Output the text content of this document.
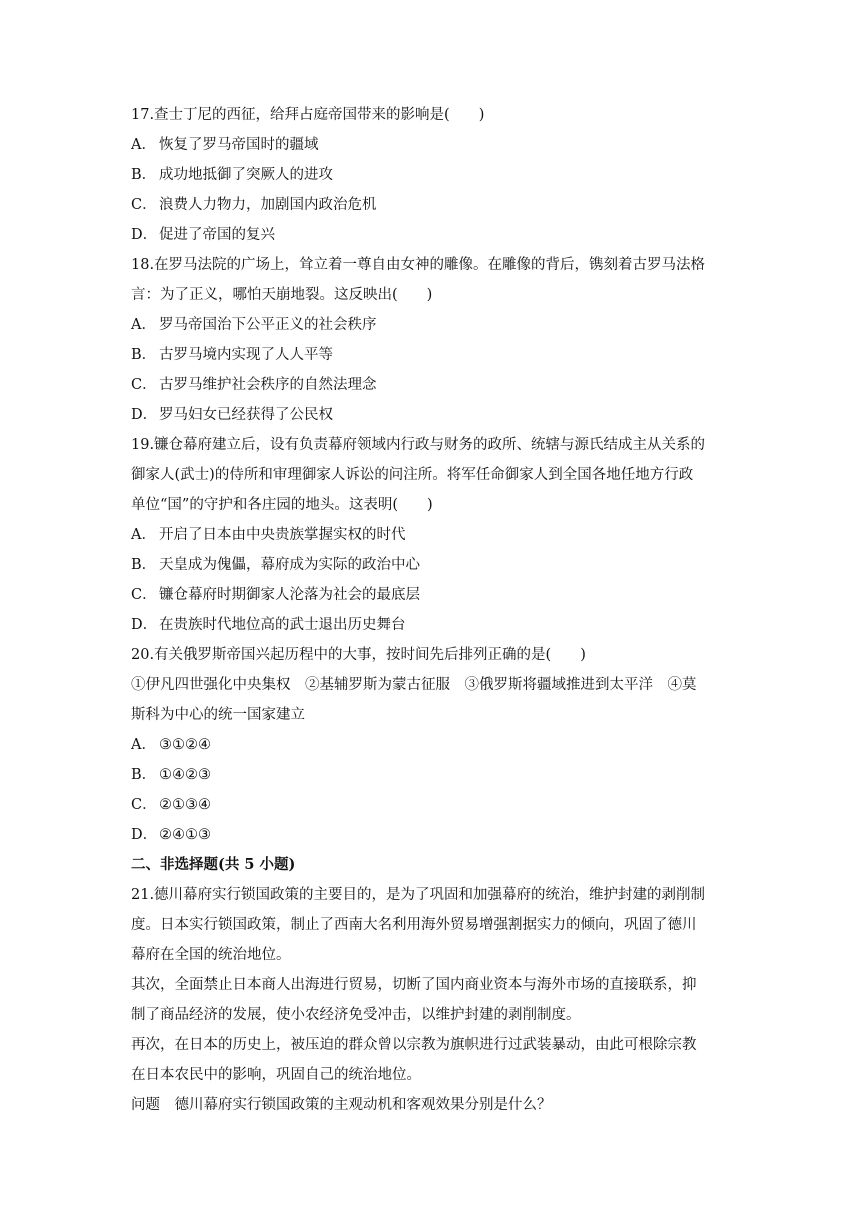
17.查士丁尼的西征，给拜占庭帝国带来的影响是(　　)

A． 恢复了罗马帝国时的疆域

B． 成功地抵御了突厥人的进攻

C． 浪费人力物力，加剧国内政治危机

D． 促进了帝国的复兴

18.在罗马法院的广场上，耸立着一尊自由女神的雕像。在雕像的背后，镌刻着古罗马法格

言：为了正义，哪怕天崩地裂。这反映出(　　)

A． 罗马帝国治下公平正义的社会秩序

B． 古罗马境内实现了人人平等

C． 古罗马维护社会秩序的自然法理念

D． 罗马妇女已经获得了公民权

19.镰仓幕府建立后，设有负责幕府领域内行政与财务的政所、统辖与源氏结成主从关系的

御家人(武士)的侍所和审理御家人诉讼的问注所。将军任命御家人到全国各地任地方行政

单位“国”的守护和各庄园的地头。这表明(　　)

A． 开启了日本由中央贵族掌握实权的时代

B． 天皇成为傀儡，幕府成为实际的政治中心

C． 镰仓幕府时期御家人沦落为社会的最底层

D． 在贵族时代地位高的武士退出历史舞台

20.有关俄罗斯帝国兴起历程中的大事，按时间先后排列正确的是(　　)

①伊凡四世强化中央集权　②基辅罗斯为蒙古征服　③俄罗斯将疆域推进到太平洋　④莫

斯科为中心的统一国家建立

A． ③①②④

B． ①④②③

C． ②①③④

D． ②④①③

二、非选择题(共 5 小题)

21.德川幕府实行锁国政策的主要目的，是为了巩固和加强幕府的统治，维护封建的剥削制

度。日本实行锁国政策，制止了西南大名利用海外贸易增强割据实力的倾向，巩固了德川

幕府在全国的统治地位。

其次，全面禁止日本商人出海进行贸易，切断了国内商业资本与海外市场的直接联系，抑

制了商品经济的发展，使小农经济免受冲击，以维护封建的剥削制度。

再次，在日本的历史上，被压迫的群众曾以宗教为旗帜进行过武装暴动，由此可根除宗教

在日本农民中的影响，巩固自己的统治地位。

问题　德川幕府实行锁国政策的主观动机和客观效果分别是什么？
